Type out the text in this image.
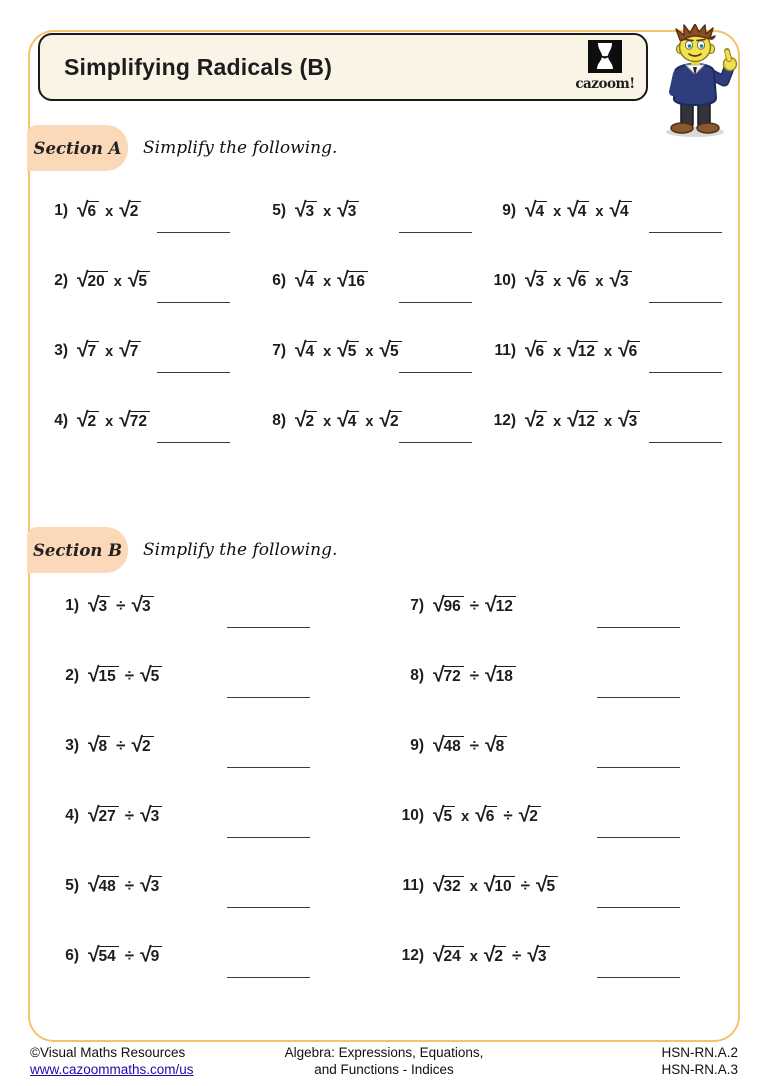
Simplifying Radicals (B)
cazoom!
Section A Simplify the following.
1) √ 6 x √ 2
2) √ 20 x √ 5
3) √ 7 x √ 7
4) √ 2 x √ 72
5) √ 3 x √ 3
6) √ 4 x √ 16
7) √ 4 x √ 5 x √ 5
8) √ 2 x √ 4 x √ 2
9) √ 4 x √ 4 x √ 4
10) √ 3 x √ 6 x √ 3
11) √ 6 x √ 12 x √ 6
12) √ 2 x √ 12 x √ 3
Section B Simplify the following.
1) √ 3 ÷ √ 3
2) √ 15 ÷ √ 5
3) √ 8 ÷ √ 2
4) √ 27 ÷ √ 3
5) √ 48 ÷ √ 3
6) √ 54 ÷ √ 9
7) √ 96 ÷ √ 12
8) √ 72 ÷ √ 18
9) √ 48 ÷ √ 8
10) √ 5 x √ 6 ÷ √ 2
11) √ 32 x √ 10 ÷ √ 5
12) √ 24 x √ 2 ÷ √ 3
©Visual Maths Resources
www.cazoommaths.com/us
Algebra: Expressions, Equations,
and Functions - Indices
HSN-RN.A.2
HSN-RN.A.3
